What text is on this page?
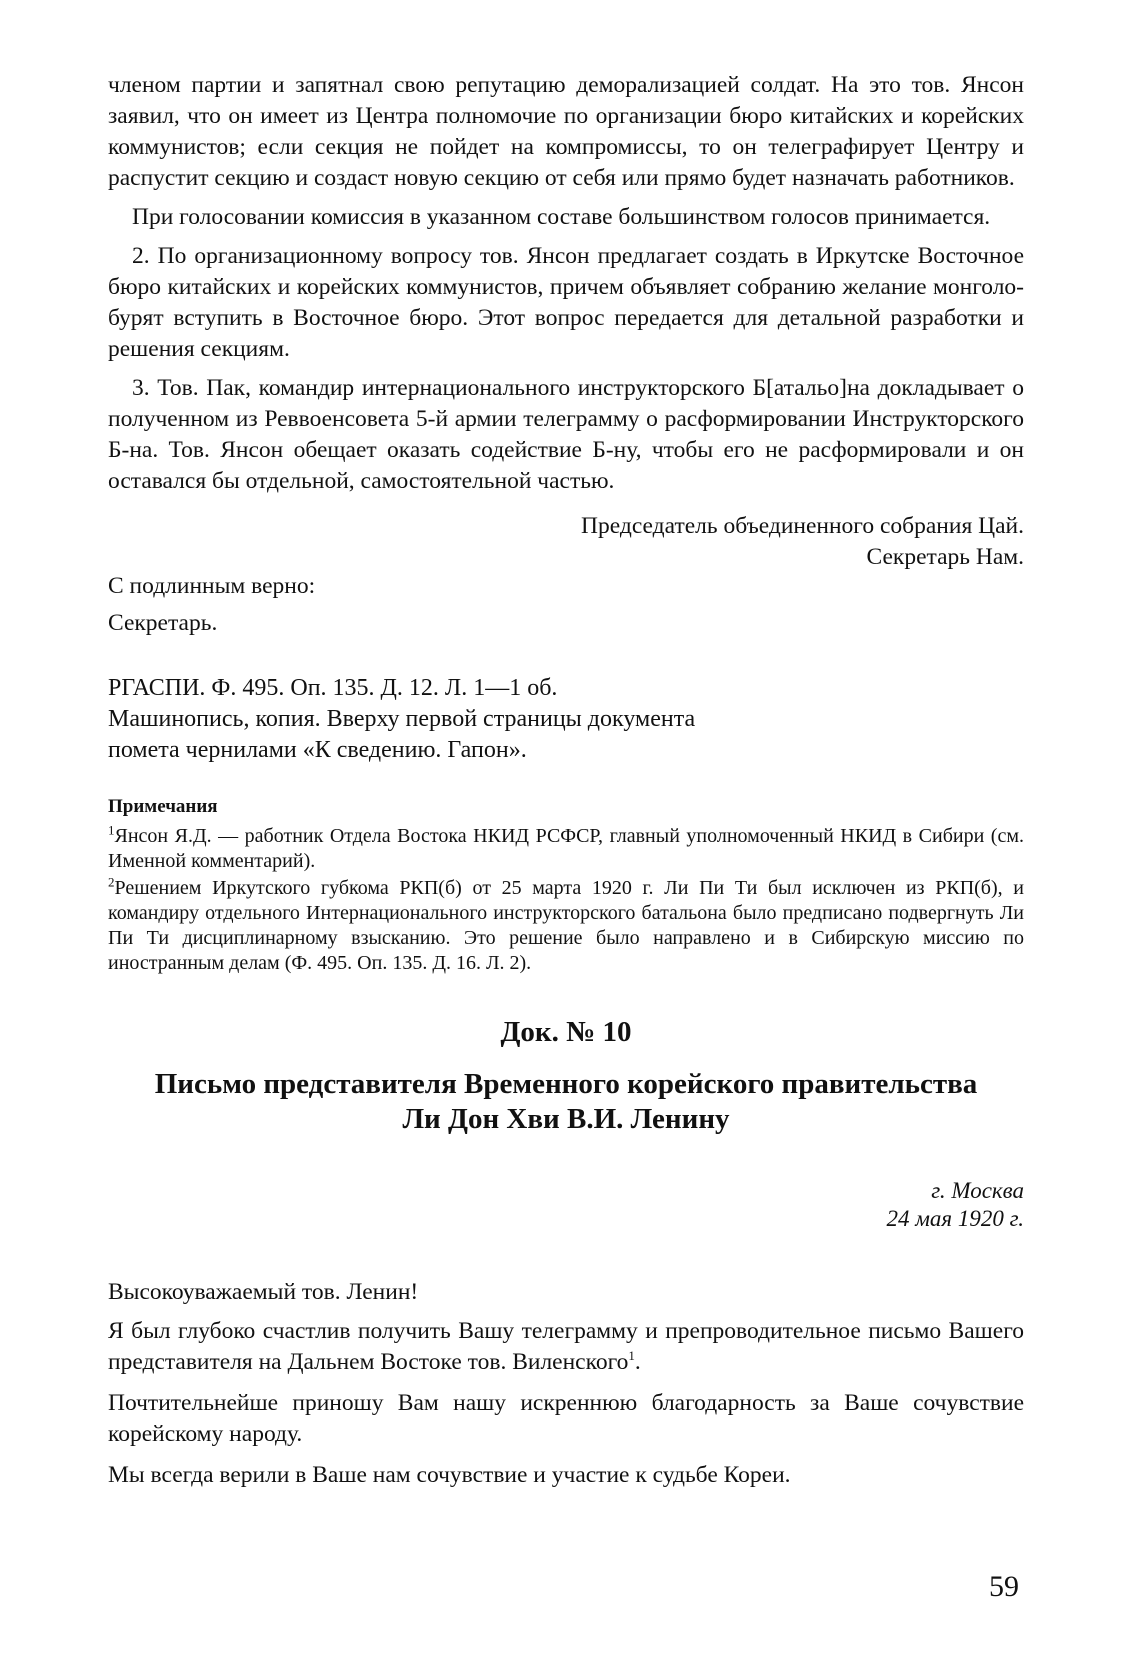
членом партии и запятнал свою репутацию деморализацией солдат. На это тов. Янсон заявил, что он имеет из Центра полномочие по организации бюро китайских и корейских коммунистов; если секция не пойдет на компромиссы, то он телеграфирует Центру и распустит секцию и создаст новую секцию от себя или прямо будет назначать работников.

При голосовании комиссия в указанном составе большинством голосов принимается.

2. По организационному вопросу тов. Янсон предлагает создать в Иркутске Восточное бюро китайских и корейских коммунистов, причем объявляет собранию желание монголо-бурят вступить в Восточное бюро. Этот вопрос передается для детальной разработки и решения секциям.

3. Тов. Пак, командир интернационального инструкторского Б[атальо]на докладывает о полученном из Реввоенсовета 5-й армии телеграмму о расформировании Инструкторского Б-на. Тов. Янсон обещает оказать содействие Б-ну, чтобы его не расформировали и он оставался бы отдельной, самостоятельной частью.

Председатель объединенного собрания Цай.

Секретарь Нам.

С подлинным верно:

Секретарь.

РГАСПИ. Ф. 495. Оп. 135. Д. 12. Л. 1—1 об.

Машинопись, копия. Вверху первой страницы документа

помета чернилами «К сведению. Гапон».

Примечания

$^1$Янсон Я.Д. — работник Отдела Востока НКИД РСФСР, главный уполномоченный НКИД в Сибири (см. Именной комментарий).

$^2$Решением Иркутского губкома РКП(б) от 25 марта 1920 г. Ли Пи Ти был исключен из РКП(б), и командиру отдельного Интернационального инструкторского батальона было предписано подвергнуть Ли Пи Ти дисциплинарному взысканию. Это решение было направлено и в Сибирскую миссию по иностранным делам (Ф. 495. Оп. 135. Д. 16. Л. 2).

Док. № 10

Письмо представителя Временного корейского правительства
Ли Дон Хви В.И. Ленину

г. Москва

24 мая 1920 г.

Высокоуважаемый тов. Ленин!

Я был глубоко счастлив получить Вашу телеграмму и препроводительное письмо Вашего представителя на Дальнем Востоке тов. Виленского$^1$.

Почтительнейше приношу Вам нашу искреннюю благодарность за Ваше сочувствие корейскому народу.

Мы всегда верили в Ваше нам сочувствие и участие к судьбе Кореи.

59
